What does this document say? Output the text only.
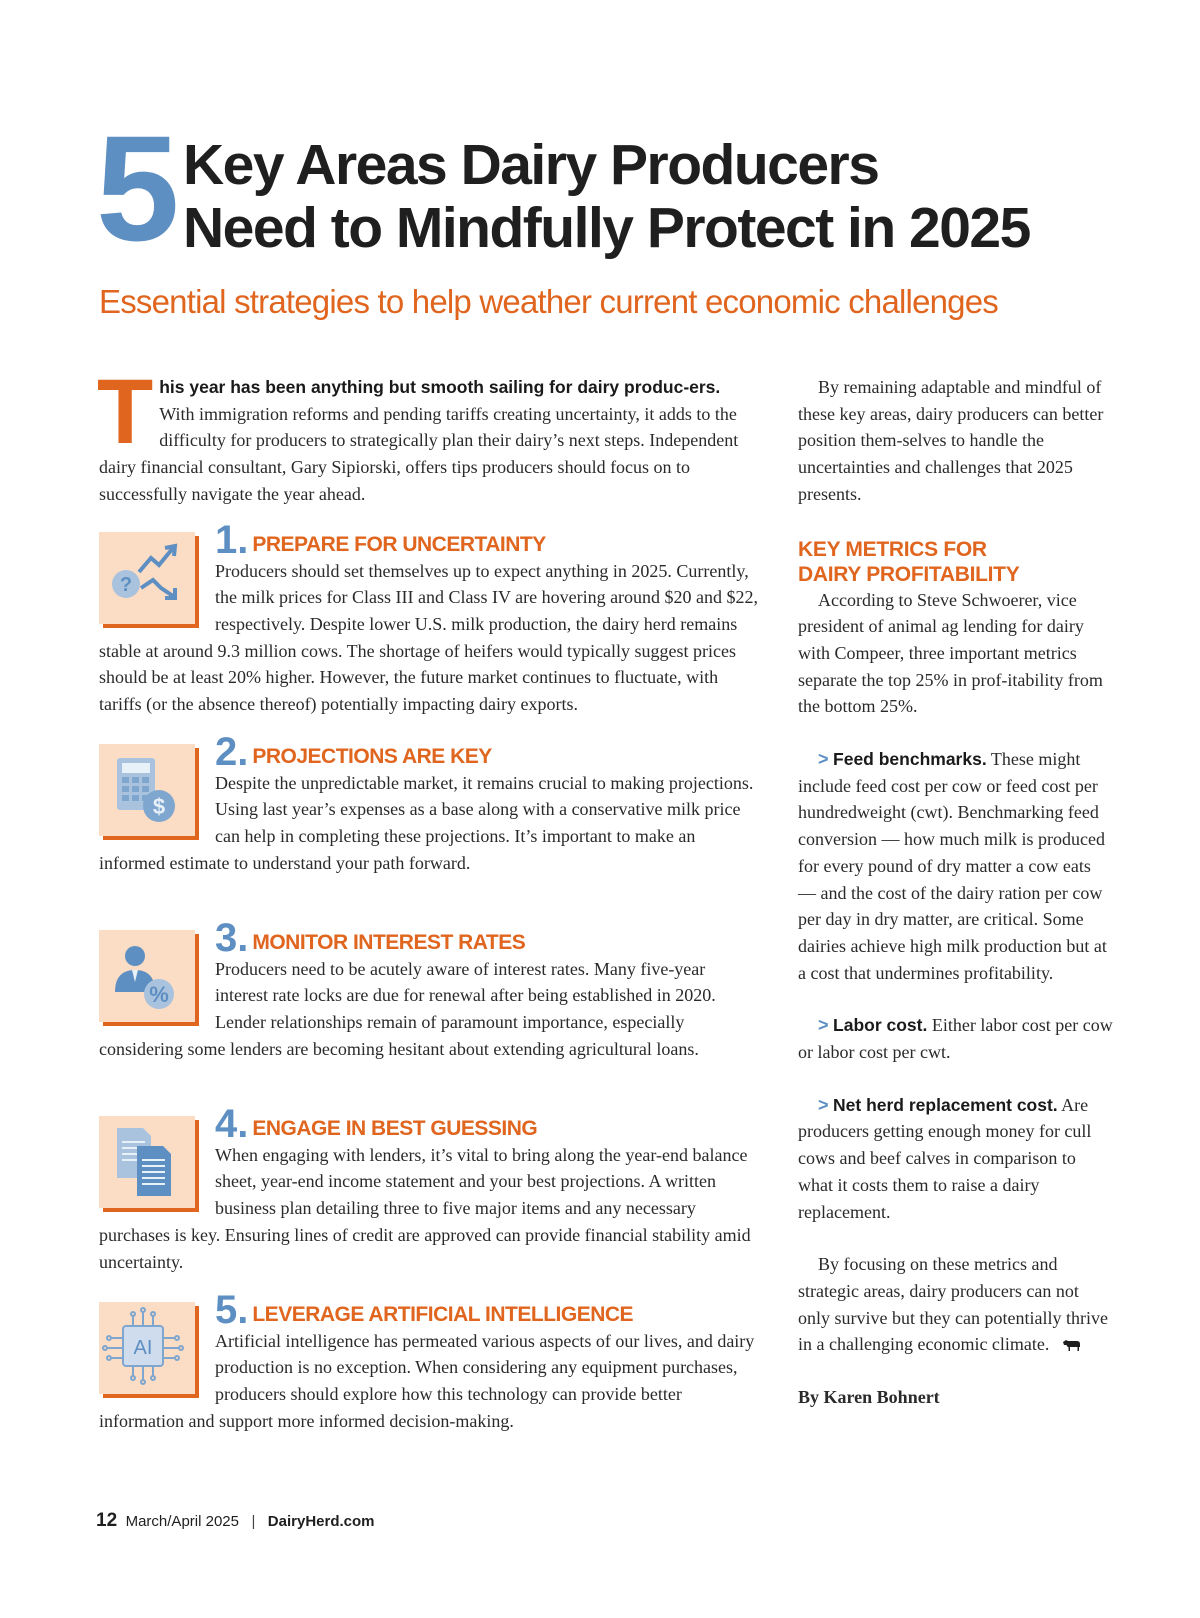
5 Key Areas Dairy Producers
Need to Mindfully Protect in 2025
Essential strategies to help weather current economic challenges
T his year has been anything but smooth sailing for dairy produc-ers. With immigration reforms and pending tariffs creating uncertainty, it adds to the difficulty for producers to strategically plan their dairy’s next steps. Independent dairy financial consultant, Gary Sipiorski, offers tips producers should focus on to successfully navigate the year ahead.
?
1. PREPARE FOR UNCERTAINTY

Producers should set themselves up to expect anything in 2025. Currently, the milk prices for Class III and Class IV are hovering around $20 and $22, respectively. Despite lower U.S. milk production, the dairy herd remains stable at around 9.3 million cows. The shortage of heifers would typically suggest prices should be at least 20% higher. However, the future market continues to fluctuate, with tariffs (or the absence thereof) potentially impacting dairy exports.

$
2. PROJECTIONS ARE KEY

Despite the unpredictable market, it remains crucial to making projections. Using last year’s expenses as a base along with a conservative milk price can help in completing these projections. It’s important to make an informed estimate to understand your path forward.

%
3. MONITOR INTEREST RATES

Producers need to be acutely aware of interest rates. Many five-year interest rate locks are due for renewal after being established in 2020. Lender relationships remain of paramount importance, especially considering some lenders are becoming hesitant about extending agricultural loans.

4. ENGAGE IN BEST GUESSING

When engaging with lenders, it’s vital to bring along the year-end balance sheet, year-end income statement and your best projections. A written business plan detailing three to five major items and any necessary purchases is key. Ensuring lines of credit are approved can provide financial stability amid uncertainty.

AI
5. LEVERAGE ARTIFICIAL INTELLIGENCE

Artificial intelligence has permeated various aspects of our lives, and dairy production is no exception. When considering any equipment purchases, producers should explore how this technology can provide better information and support more informed decision-making.

By remaining adaptable and mindful of these key areas, dairy producers can better position them-selves to handle the uncertainties and challenges that 2025 presents.

KEY METRICS FOR
DAIRY PROFITABILITY

According to Steve Schwoerer, vice president of animal ag lending for dairy with Compeer, three important metrics separate the top 25% in prof-itability from the bottom 25%.

> Feed benchmarks. These might include feed cost per cow or feed cost per hundredweight (cwt). Benchmarking feed conversion — how much milk is produced for every pound of dry matter a cow eats — and the cost of the dairy ration per cow per day in dry matter, are critical. Some dairies achieve high milk production but at a cost that undermines profitability.

> Labor cost. Either labor cost per cow or labor cost per cwt.

> Net herd replacement cost. Are producers getting enough money for cull cows and beef calves in comparison to what it costs them to raise a dairy replacement.

By focusing on these metrics and strategic areas, dairy producers can not only survive but they can potentially thrive in a challenging economic climate.

By Karen Bohnert

12 March/April 2025 | DairyHerd.com
